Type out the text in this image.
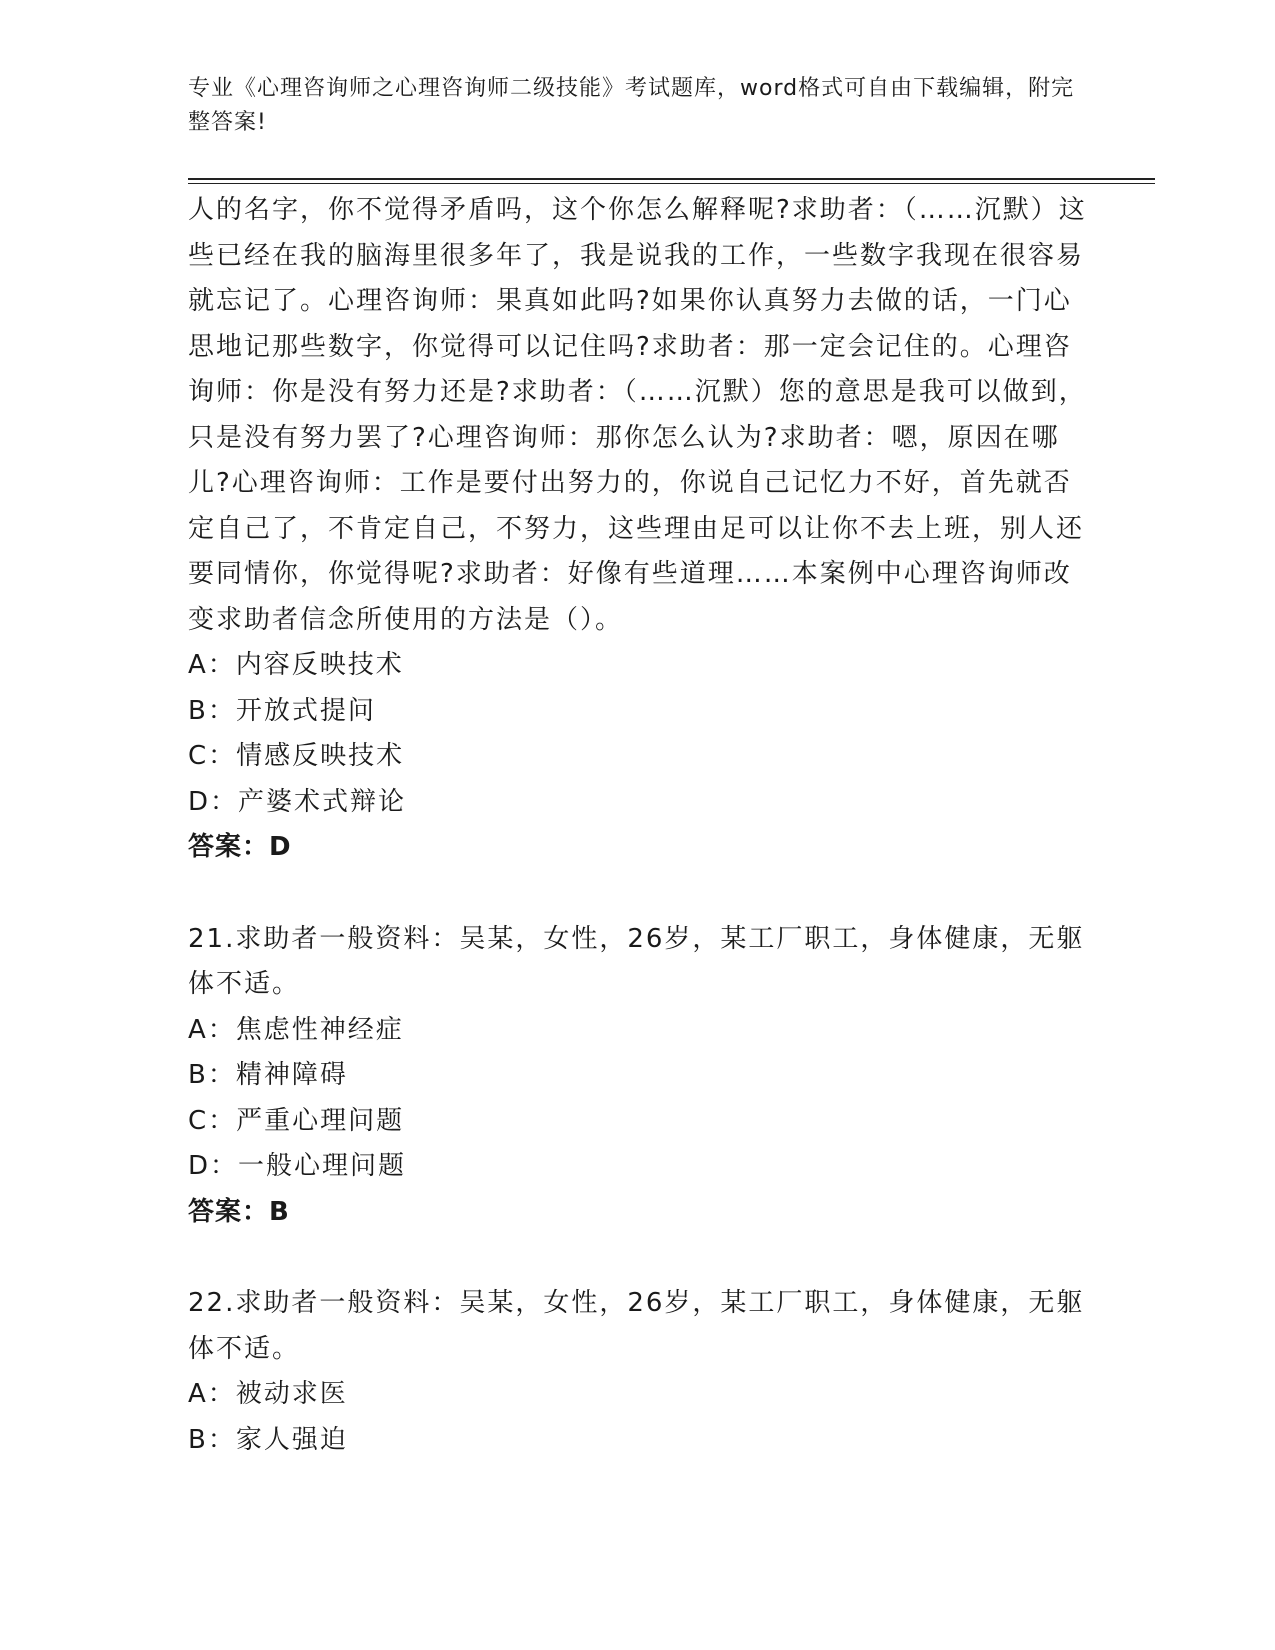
专业《心理咨询师之心理咨询师二级技能》考试题库，word格式可自由下载编辑，附完整答案!

人的名字，你不觉得矛盾吗，这个你怎么解释呢?求助者：（……沉默）这些已经在我的脑海里很多年了，我是说我的工作，一些数字我现在很容易就忘记了。心理咨询师：果真如此吗?如果你认真努力去做的话，一门心思地记那些数字，你觉得可以记住吗?求助者：那一定会记住的。心理咨询师：你是没有努力还是?求助者：（……沉默）您的意思是我可以做到，只是没有努力罢了?心理咨询师：那你怎么认为?求助者：嗯，原因在哪儿?心理咨询师：工作是要付出努力的，你说自己记忆力不好，首先就否定自己了，不肯定自己，不努力，这些理由足可以让你不去上班，别人还要同情你，你觉得呢?求助者：好像有些道理……本案例中心理咨询师改变求助者信念所使用的方法是（）。

A：内容反映技术

B：开放式提问

C：情感反映技术

D：产婆术式辩论

答案：D

21.求助者一般资料：吴某，女性，26岁，某工厂职工，身体健康，无躯体不适。

A：焦虑性神经症

B：精神障碍

C：严重心理问题

D：一般心理问题

答案：B

22.求助者一般资料：吴某，女性，26岁，某工厂职工，身体健康，无躯体不适。

A：被动求医

B：家人强迫
